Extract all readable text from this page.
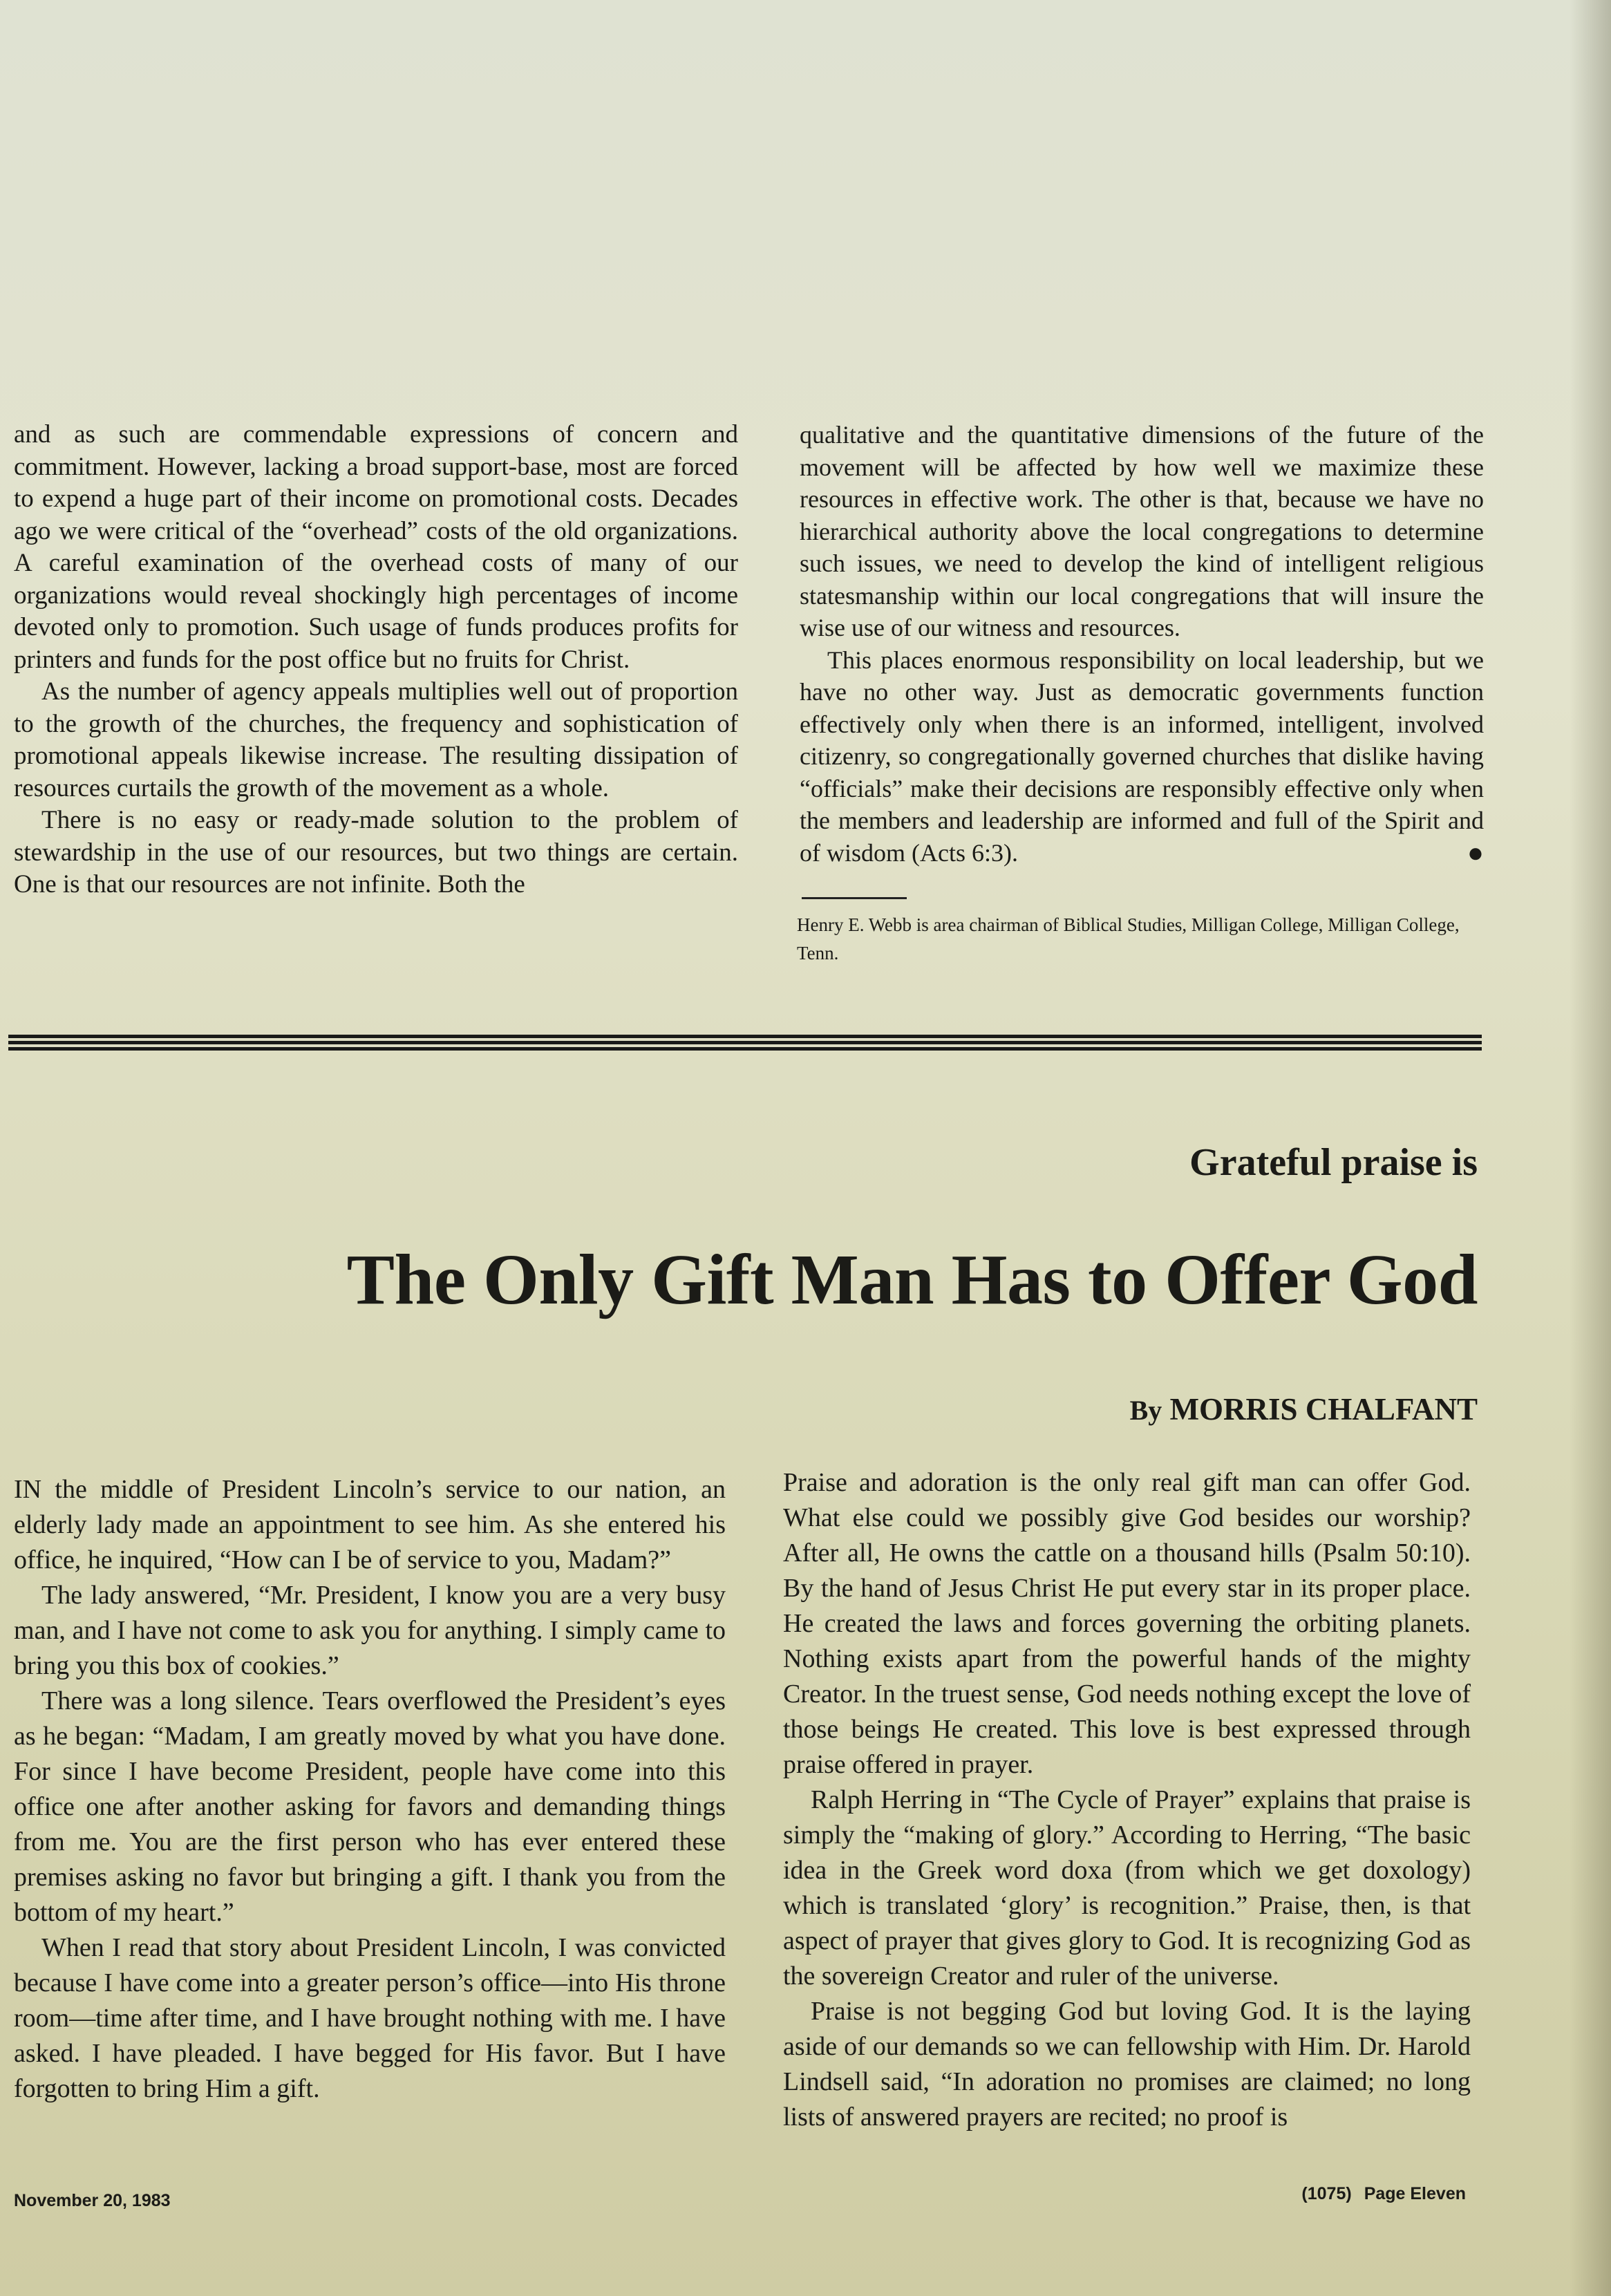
and as such are commendable expressions of concern and commitment. However, lacking a broad support-base, most are forced to expend a huge part of their income on promotional costs. Decades ago we were critical of the “overhead” costs of the old organizations. A careful examination of the overhead costs of many of our organizations would reveal shockingly high percentages of income devoted only to promotion. Such usage of funds produces profits for printers and funds for the post office but no fruits for Christ.

As the number of agency appeals multiplies well out of proportion to the growth of the churches, the frequency and sophistication of promotional appeals likewise increase. The resulting dissipation of resources curtails the growth of the movement as a whole.

There is no easy or ready-made solution to the problem of stewardship in the use of our resources, but two things are certain. One is that our resources are not infinite. Both the

qualitative and the quantitative dimensions of the future of the movement will be affected by how well we maximize these resources in effective work. The other is that, because we have no hierarchical authority above the local congregations to determine such issues, we need to develop the kind of intelligent religious statesmanship within our local congregations that will insure the wise use of our witness and resources.

This places enormous responsibility on local leadership, but we have no other way. Just as democratic governments function effectively only when there is an informed, intelligent, involved citizenry, so congregationally governed churches that dislike having “officials” make their decisions are responsibly effective only when the members and leadership are informed and full of the Spirit and of wisdom (Acts 6:3).	●

Henry E. Webb is area chairman of Biblical Studies, Milligan College, Milligan College, Tenn.
Grateful praise is
The Only Gift Man Has to Offer God
By MORRIS CHALFANT

IN the middle of President Lincoln’s service to our nation, an elderly lady made an appointment to see him. As she entered his office, he inquired, “How can I be of service to you, Madam?”

The lady answered, “Mr. President, I know you are a very busy man, and I have not come to ask you for anything. I simply came to bring you this box of cookies.”

There was a long silence. Tears overflowed the President’s eyes as he began: “Madam, I am greatly moved by what you have done. For since I have become President, people have come into this office one after another asking for favors and demanding things from me. You are the first person who has ever entered these premises asking no favor but bringing a gift. I thank you from the bottom of my heart.”

When I read that story about President Lincoln, I was convicted because I have come into a greater person’s office—into His throne room—time after time, and I have brought nothing with me. I have asked. I have pleaded. I have begged for His favor. But I have forgotten to bring Him a gift.

Praise and adoration is the only real gift man can offer God. What else could we possibly give God besides our worship? After all, He owns the cattle on a thousand hills (Psalm 50:10). By the hand of Jesus Christ He put every star in its proper place. He created the laws and forces governing the orbiting planets. Nothing exists apart from the powerful hands of the mighty Creator. In the truest sense, God needs nothing except the love of those beings He created. This love is best expressed through praise offered in prayer.

Ralph Herring in “The Cycle of Prayer” explains that praise is simply the “making of glory.” According to Herring, “The basic idea in the Greek word doxa (from which we get doxology) which is translated ‘glory’ is recognition.” Praise, then, is that aspect of prayer that gives glory to God. It is recognizing God as the sovereign Creator and ruler of the universe.

Praise is not begging God but loving God. It is the laying aside of our demands so we can fellowship with Him. Dr. Harold Lindsell said, “In adoration no promises are claimed; no long lists of answered prayers are recited; no proof is

November 20, 1983	(1075) Page Eleven
